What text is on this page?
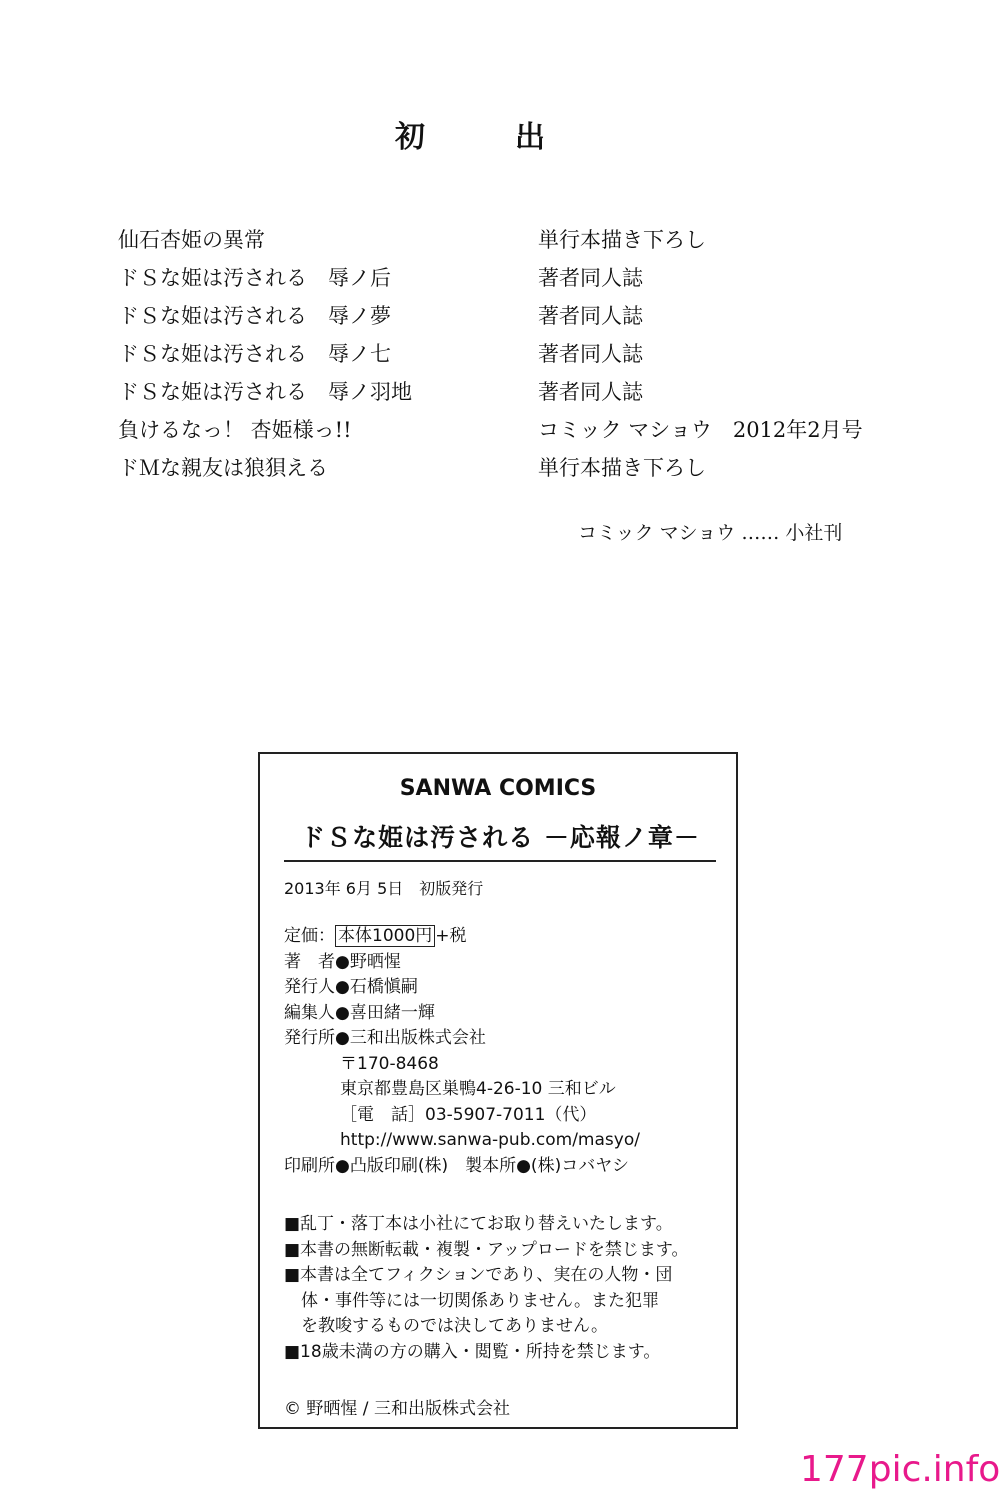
初　出
仙石杏姫の異常	単行本描き下ろし
ドＳな姫は汚される　辱ノ后	著者同人誌
ドＳな姫は汚される　辱ノ夢	著者同人誌
ドＳな姫は汚される　辱ノ七	著者同人誌
ドＳな姫は汚される　辱ノ羽地	著者同人誌
負けるなっ！ 杏姫様っ!!	コミック マショウ　2012年2月号
ドＭな親友は狼狽える	単行本描き下ろし
コミック マショウ …… 小社刊
SANWA COMICS
ドＳな姫は汚される －応報ノ章－
2013年 6月 5日　初版発行
定価： 本体1000円 +税
著　者●野晒惺
発行人●石橋愼嗣
編集人●喜田緒一輝
発行所●三和出版株式会社
〒170-8468
東京都豊島区巣鴨4-26-10 三和ビル
［電　話］03-5907-7011（代）
http://www.sanwa-pub.com/masyo/
印刷所●凸版印刷(株)　製本所●(株)コバヤシ
■乱丁・落丁本は小社にてお取り替えいたします。
■本書の無断転載・複製・アップロードを禁じます。
■本書は全てフィクションであり、実在の人物・団
体・事件等には一切関係ありません。また犯罪
を教唆するものでは決してありません。
■18歳未満の方の購入・閲覧・所持を禁じます。
© 野晒惺 / 三和出版株式会社
177pic.info
